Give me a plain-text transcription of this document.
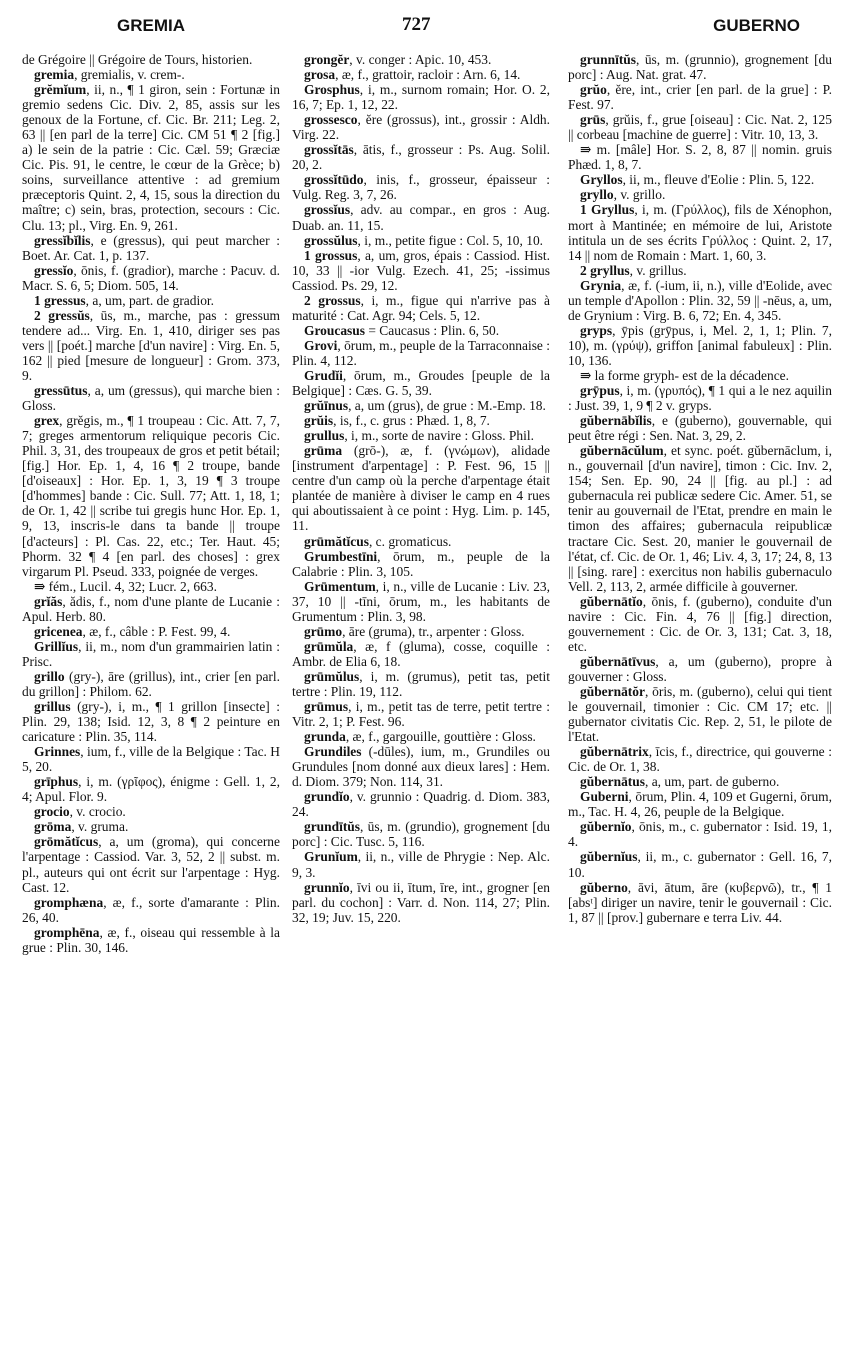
GREMIA	727	GUBERNO

de Grégoire || Grégoire de Tours, historien.

gremia, gremialis, v. crem-.

grĕmĭum, ii, n., ¶ 1 giron, sein : Fortunæ in gremio sedens Cic. Div. 2, 85, assis sur les genoux de la Fortune, cf. Cic. Br. 211; Leg. 2, 63 || [en parl de la terre] Cic. CM 51 ¶ 2 [fig.] a) le sein de la patrie : Cic. Cæl. 59; Græciæ Cic. Pis. 91, le centre, le cœur de la Grèce; b) soins, surveillance attentive : ad gremium præceptoris Quint. 2, 4, 15, sous la direction du maître; c) sein, bras, protection, secours : Cic. Clu. 13; pl., Virg. En. 9, 261.

gressĭbĭlis, e (gressus), qui peut marcher : Boet. Ar. Cat. 1, p. 137.

gressĭo, ōnis, f. (gradior), marche : Pacuv. d. Macr. S. 6, 5; Diom. 505, 14.

1 gressus, a, um, part. de gradior.

2 gressŭs, ūs, m., marche, pas : gressum tendere ad... Virg. En. 1, 410, diriger ses pas vers || [poét.] marche [d'un navire] : Virg. En. 5, 162 || pied [mesure de longueur] : Grom. 373, 9.

gressūtus, a, um (gressus), qui marche bien : Gloss.

grex, grĕgis, m., ¶ 1 troupeau : Cic. Att. 7, 7, 7; greges armentorum reliquique pecoris Cic. Phil. 3, 31, des troupeaux de gros et petit bétail; [fig.] Hor. Ep. 1, 4, 16 ¶ 2 troupe, bande [d'oiseaux] : Hor. Ep. 1, 3, 19 ¶ 3 troupe [d'hommes] bande : Cic. Sull. 77; Att. 1, 18, 1; de Or. 1, 42 || scribe tui gregis hunc Hor. Ep. 1, 9, 13, inscris-le dans ta bande || troupe [d'acteurs] : Pl. Cas. 22, etc.; Ter. Haut. 45; Phorm. 32 ¶ 4 [en parl. des choses] : grex virgarum Pl. Pseud. 333, poignée de verges.

⇛ fém., Lucil. 4, 32; Lucr. 2, 663.

grĭăs, ădis, f., nom d'une plante de Lucanie : Apul. Herb. 80.

gricenea, æ, f., câble : P. Fest. 99, 4.

Grillĭus, ii, m., nom d'un grammairien latin : Prisc.

grillo (gry-), āre (grillus), int., crier [en parl. du grillon] : Philom. 62.

grillus (gry-), i, m., ¶ 1 grillon [insecte] : Plin. 29, 138; Isid. 12, 3, 8 ¶ 2 peinture en caricature : Plin. 35, 114.

Grinnes, ium, f., ville de la Belgique : Tac. H 5, 20.

grīphus, i, m. (γρῖφος), énigme : Gell. 1, 2, 4; Apul. Flor. 9.

grocio, v. crocio.

grōma, v. gruma.

grōmătĭcus, a, um (groma), qui concerne l'arpentage : Cassiod. Var. 3, 52, 2 || subst. m. pl., auteurs qui ont écrit sur l'arpentage : Hyg. Cast. 12.

gromphæna, æ, f., sorte d'amarante : Plin. 26, 40.

gromphēna, æ, f., oiseau qui ressemble à la grue : Plin. 30, 146.

grongĕr, v. conger : Apic. 10, 453.

grosa, æ, f., grattoir, racloir : Arn. 6, 14.

Grosphus, i, m., surnom romain; Hor. O. 2, 16, 7; Ep. 1, 12, 22.

grossesco, ĕre (grossus), int., grossir : Aldh. Virg. 22.

grossĭtās, ātis, f., grosseur : Ps. Aug. Solil. 20, 2.

grossĭtūdo, inis, f., grosseur, épaisseur : Vulg. Reg. 3, 7, 26.

grossĭus, adv. au compar., en gros : Aug. Duab. an. 11, 15.

grossŭlus, i, m., petite figue : Col. 5, 10, 10.

1 grossus, a, um, gros, épais : Cassiod. Hist. 10, 33 || -ior Vulg. Ezech. 41, 25; -issimus Cassiod. Ps. 29, 12.

2 grossus, i, m., figue qui n'arrive pas à maturité : Cat. Agr. 94; Cels. 5, 12.

Groucasus = Caucasus : Plin. 6, 50.

Grovi, ōrum, m., peuple de la Tarraconnaise : Plin. 4, 112.

Grudĭi, ōrum, m., Groudes [peuple de la Belgique] : Cæs. G. 5, 39.

grŭīnus, a, um (grus), de grue : M.-Emp. 18.

grŭis, is, f., c. grus : Phæd. 1, 8, 7.

grullus, i, m., sorte de navire : Gloss. Phil.

grūma (grō-), æ, f. (γνώμων), alidade [instrument d'arpentage] : P. Fest. 96, 15 || centre d'un camp où la perche d'arpentage était plantée de manière à diviser le camp en 4 rues qui aboutissaient à ce point : Hyg. Lim. p. 145, 11.

grūmătĭcus, c. gromaticus.

Grumbestīni, ōrum, m., peuple de la Calabrie : Plin. 3, 105.

Grūmentum, i, n., ville de Lucanie : Liv. 23, 37, 10 || -tīni, ōrum, m., les habitants de Grumentum : Plin. 3, 98.

grūmo, āre (gruma), tr., arpenter : Gloss.

grūmŭla, æ, f (gluma), cosse, coquille : Ambr. de Elia 6, 18.

grūmŭlus, i, m. (grumus), petit tas, petit tertre : Plin. 19, 112.

grūmus, i, m., petit tas de terre, petit tertre : Vitr. 2, 1; P. Fest. 96.

grunda, æ, f., gargouille, gouttière : Gloss.

Grundiles (-dūles), ium, m., Grundiles ou Grundules [nom donné aux dieux lares] : Hem. d. Diom. 379; Non. 114, 31.

grundĭo, v. grunnio : Quadrig. d. Diom. 383, 24.

grundītŭs, ūs, m. (grundio), grognement [du porc] : Cic. Tusc. 5, 116.

Grunĭum, ii, n., ville de Phrygie : Nep. Alc. 9, 3.

grunnĭo, īvi ou ii, ītum, īre, int., grogner [en parl. du cochon] : Varr. d. Non. 114, 27; Plin. 32, 19; Juv. 15, 220.

grunnītŭs, ūs, m. (grunnio), grognement [du porc] : Aug. Nat. grat. 47.

grŭo, ĕre, int., crier [en parl. de la grue] : P. Fest. 97.

grūs, grŭis, f., grue [oiseau] : Cic. Nat. 2, 125 || corbeau [machine de guerre] : Vitr. 10, 13, 3.

⇛ m. [mâle] Hor. S. 2, 8, 87 || nomin. gruis Phæd. 1, 8, 7.

Gryllos, ii, m., fleuve d'Eolie : Plin. 5, 122.

gryllo, v. grillo.

1 Gryllus, i, m. (Γρύλλος), fils de Xénophon, mort à Mantinée; en mémoire de lui, Aristote intitula un de ses écrits Γρύλλος : Quint. 2, 17, 14 || nom de Romain : Mart. 1, 60, 3.

2 gryllus, v. grillus.

Grynia, æ, f. (-ium, ii, n.), ville d'Eolide, avec un temple d'Apollon : Plin. 32, 59 || -nēus, a, um, de Grynium : Virg. B. 6, 72; En. 4, 345.

gryps, ȳpis (grȳpus, i, Mel. 2, 1, 1; Plin. 7, 10), m. (γρύψ), griffon [animal fabuleux] : Plin. 10, 136.

⇛ la forme gryph- est de la décadence.

grȳpus, i, m. (γρυπός), ¶ 1 qui a le nez aquilin : Just. 39, 1, 9 ¶ 2 v. gryps.

gŭbernābĭlis, e (guberno), gouvernable, qui peut être régi : Sen. Nat. 3, 29, 2.

gŭbernācŭlum, et sync. poét. gŭbernāclum, i, n., gouvernail [d'un navire], timon : Cic. Inv. 2, 154; Sen. Ep. 90, 24 || [fig. au pl.] : ad gubernacula rei publicæ sedere Cic. Amer. 51, se tenir au gouvernail de l'Etat, prendre en main le timon des affaires; gubernacula reipublicæ tractare Cic. Sest. 20, manier le gouvernail de l'état, cf. Cic. de Or. 1, 46; Liv. 4, 3, 17; 24, 8, 13 || [sing. rare] : exercitus non habilis gubernaculo Vell. 2, 113, 2, armée difficile à gouverner.

gŭbernātĭo, ōnis, f. (guberno), conduite d'un navire : Cic. Fin. 4, 76 || [fig.] direction, gouvernement : Cic. de Or. 3, 131; Cat. 3, 18, etc.

gŭbernātīvus, a, um (guberno), propre à gouverner : Gloss.

gŭbernātŏr, ōris, m. (guberno), celui qui tient le gouvernail, timonier : Cic. CM 17; etc. || gubernator civitatis Cic. Rep. 2, 51, le pilote de l'Etat.

gŭbernātrix, īcis, f., directrice, qui gouverne : Cic. de Or. 1, 38.

gŭbernātus, a, um, part. de guberno.

Guberni, ōrum, Plin. 4, 109 et Gugerni, ōrum, m., Tac. H. 4, 26, peuple de la Belgique.

gŭbernĭo, ōnis, m., c. gubernator : Isid. 19, 1, 4.

gŭbernĭus, ii, m., c. gubernator : Gell. 16, 7, 10.

gŭberno, āvi, ātum, āre (κυβερνῶ), tr., ¶ 1 [absᵗ] diriger un navire, tenir le gouvernail : Cic. 1, 87 || [prov.] gubernare e terra Liv. 44.
